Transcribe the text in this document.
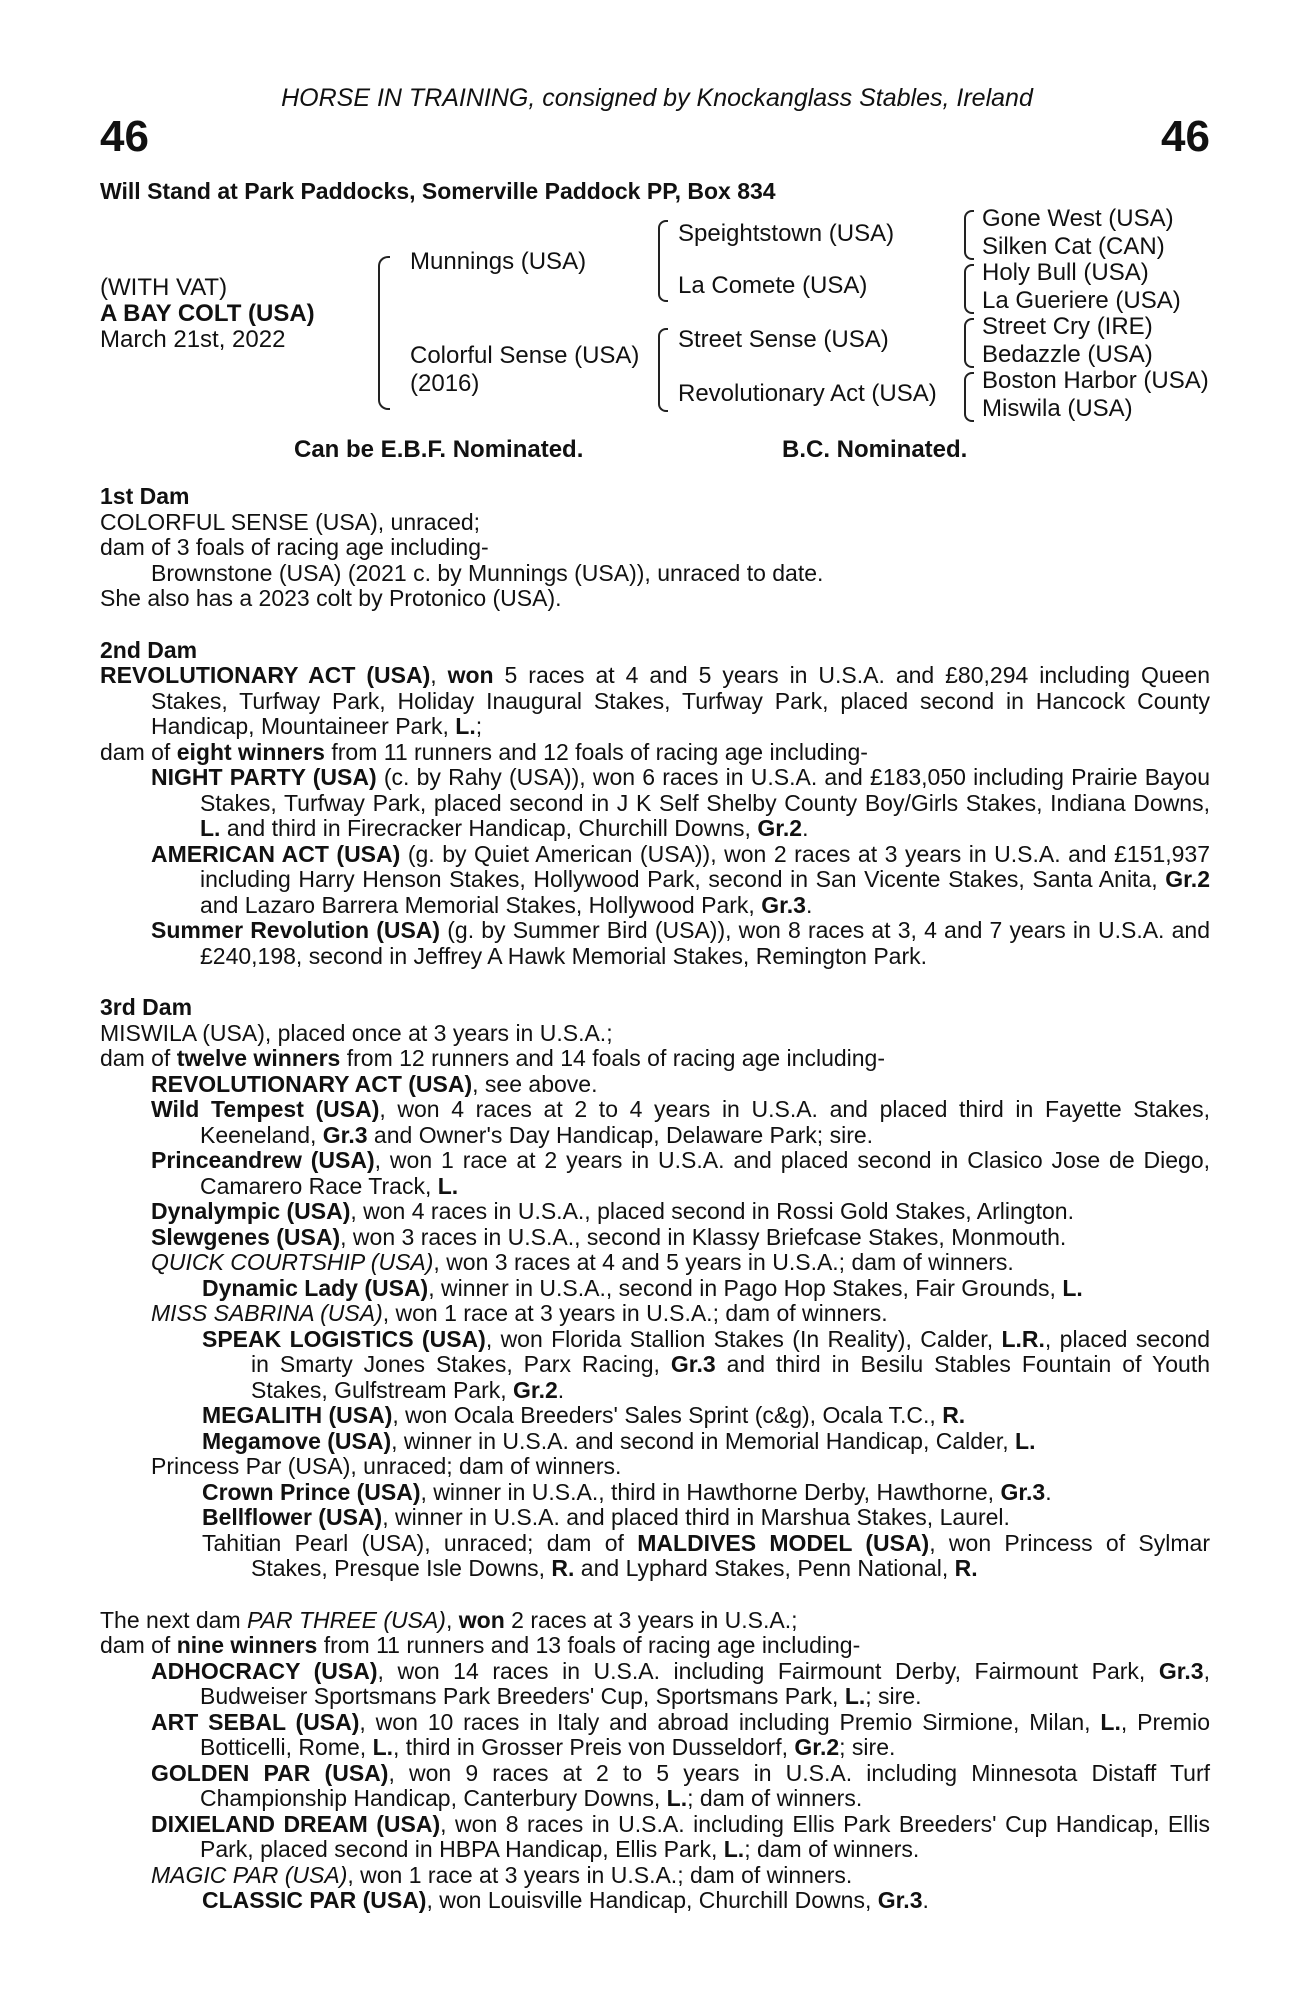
HORSE IN TRAINING, consigned by Knockanglass Stables, Ireland
46	46
Will Stand at Park Paddocks, Somerville Paddock PP, Box 834
(WITH VAT)
A BAY COLT (USA)
March 21st, 2022
Munnings (USA)
Colorful Sense (USA)
(2016)
Speightstown (USA)
La Comete (USA)
Street Sense (USA)
Revolutionary Act (USA)
Gone West (USA)
Silken Cat (CAN)
Holy Bull (USA)
La Gueriere (USA)
Street Cry (IRE)
Bedazzle (USA)
Boston Harbor (USA)
Miswila (USA)
Can be E.B.F. Nominated.	B.C. Nominated.

1st Dam

COLORFUL SENSE (USA), unraced;

dam of 3 foals of racing age including-

Brownstone (USA) (2021 c. by Munnings (USA)), unraced to date.

She also has a 2023 colt by Protonico (USA).

2nd Dam

REVOLUTIONARY ACT (USA), won 5 races at 4 and 5 years in U.S.A. and £80,294 including Queen Stakes, Turfway Park, Holiday Inaugural Stakes, Turfway Park, placed second in Hancock County Handicap, Mountaineer Park, L.;

dam of eight winners from 11 runners and 12 foals of racing age including-

NIGHT PARTY (USA) (c. by Rahy (USA)), won 6 races in U.S.A. and £183,050 including Prairie Bayou Stakes, Turfway Park, placed second in J K Self Shelby County Boy/Girls Stakes, Indiana Downs, L. and third in Firecracker Handicap, Churchill Downs, Gr.2.

AMERICAN ACT (USA) (g. by Quiet American (USA)), won 2 races at 3 years in U.S.A. and £151,937 including Harry Henson Stakes, Hollywood Park, second in San Vicente Stakes, Santa Anita, Gr.2 and Lazaro Barrera Memorial Stakes, Hollywood Park, Gr.3.

Summer Revolution (USA) (g. by Summer Bird (USA)), won 8 races at 3, 4 and 7 years in U.S.A. and £240,198, second in Jeffrey A Hawk Memorial Stakes, Remington Park.

3rd Dam

MISWILA (USA), placed once at 3 years in U.S.A.;

dam of twelve winners from 12 runners and 14 foals of racing age including-

REVOLUTIONARY ACT (USA), see above.

Wild Tempest (USA), won 4 races at 2 to 4 years in U.S.A. and placed third in Fayette Stakes, Keeneland, Gr.3 and Owner's Day Handicap, Delaware Park; sire.

Princeandrew (USA), won 1 race at 2 years in U.S.A. and placed second in Clasico Jose de Diego, Camarero Race Track, L.

Dynalympic (USA), won 4 races in U.S.A., placed second in Rossi Gold Stakes, Arlington.

Slewgenes (USA), won 3 races in U.S.A., second in Klassy Briefcase Stakes, Monmouth.

QUICK COURTSHIP (USA), won 3 races at 4 and 5 years in U.S.A.; dam of winners.

Dynamic Lady (USA), winner in U.S.A., second in Pago Hop Stakes, Fair Grounds, L.

MISS SABRINA (USA), won 1 race at 3 years in U.S.A.; dam of winners.

SPEAK LOGISTICS (USA), won Florida Stallion Stakes (In Reality), Calder, L.R., placed second in Smarty Jones Stakes, Parx Racing, Gr.3 and third in Besilu Stables Fountain of Youth Stakes, Gulfstream Park, Gr.2.

MEGALITH (USA), won Ocala Breeders' Sales Sprint (c&g), Ocala T.C., R.

Megamove (USA), winner in U.S.A. and second in Memorial Handicap, Calder, L.

Princess Par (USA), unraced; dam of winners.

Crown Prince (USA), winner in U.S.A., third in Hawthorne Derby, Hawthorne, Gr.3.

Bellflower (USA), winner in U.S.A. and placed third in Marshua Stakes, Laurel.

Tahitian Pearl (USA), unraced; dam of MALDIVES MODEL (USA), won Princess of Sylmar Stakes, Presque Isle Downs, R. and Lyphard Stakes, Penn National, R.

The next dam PAR THREE (USA), won 2 races at 3 years in U.S.A.;

dam of nine winners from 11 runners and 13 foals of racing age including-

ADHOCRACY (USA), won 14 races in U.S.A. including Fairmount Derby, Fairmount Park, Gr.3, Budweiser Sportsmans Park Breeders' Cup, Sportsmans Park, L.; sire.

ART SEBAL (USA), won 10 races in Italy and abroad including Premio Sirmione, Milan, L., Premio Botticelli, Rome, L., third in Grosser Preis von Dusseldorf, Gr.2; sire.

GOLDEN PAR (USA), won 9 races at 2 to 5 years in U.S.A. including Minnesota Distaff Turf Championship Handicap, Canterbury Downs, L.; dam of winners.

DIXIELAND DREAM (USA), won 8 races in U.S.A. including Ellis Park Breeders' Cup Handicap, Ellis Park, placed second in HBPA Handicap, Ellis Park, L.; dam of winners.

MAGIC PAR (USA), won 1 race at 3 years in U.S.A.; dam of winners.

CLASSIC PAR (USA), won Louisville Handicap, Churchill Downs, Gr.3.
